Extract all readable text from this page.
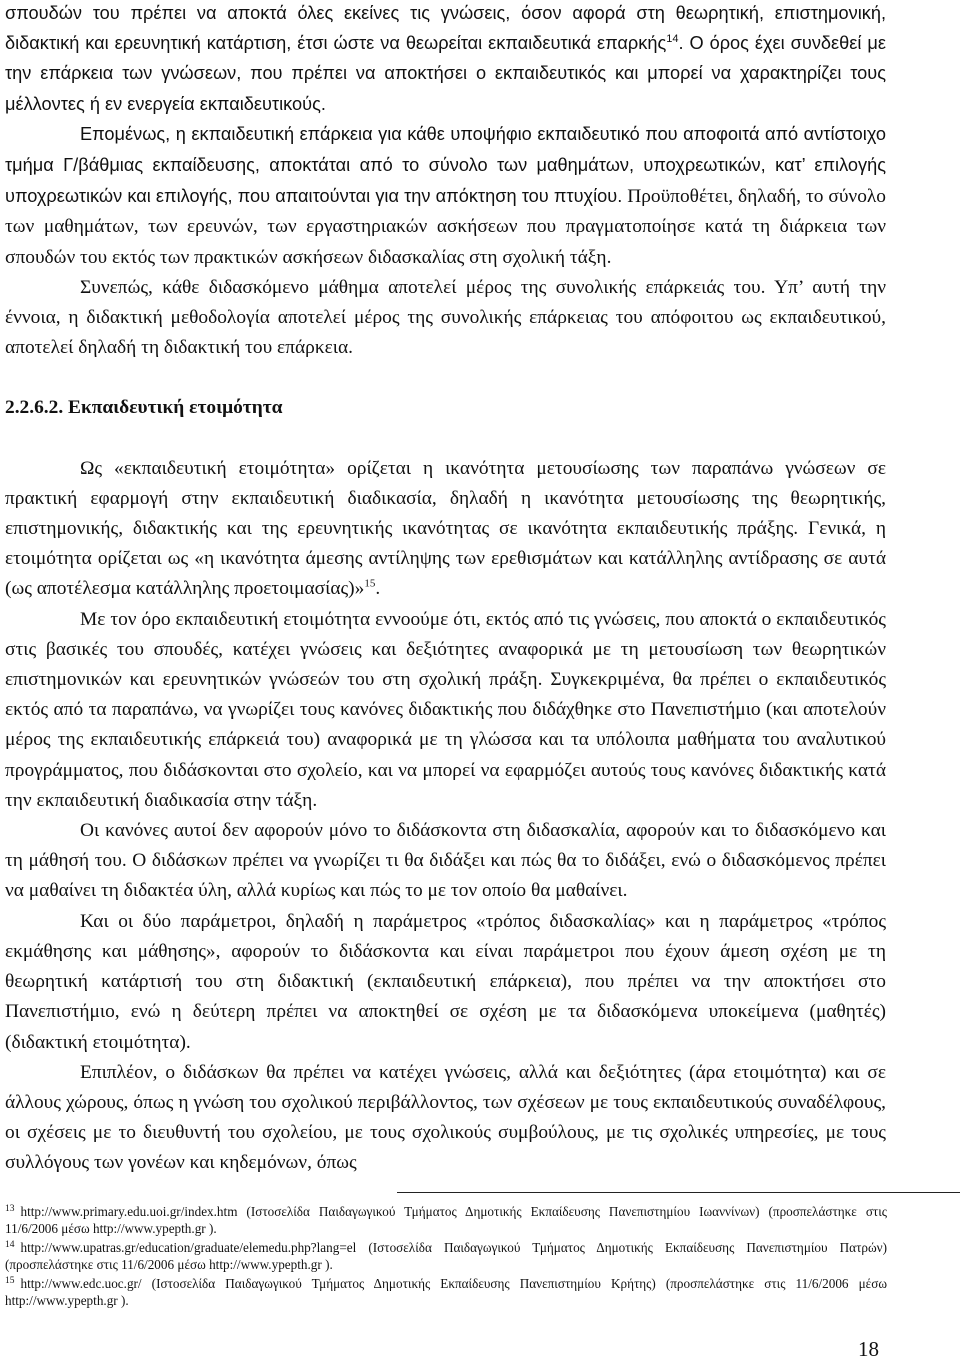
σπουδών του πρέπει να αποκτά όλες εκείνες τις γνώσεις, όσον αφορά στη θεωρητική, επιστημονική, διδακτική και ερευνητική κατάρτιση, έτσι ώστε να θεωρείται εκπαιδευτικά επαρκής$^{14}$. Ο όρος έχει συνδεθεί με την επάρκεια των γνώσεων, που πρέπει να αποκτήσει ο εκπαιδευτικός και μπορεί να χαρακτηρίζει τους μέλλοντες ή εν ενεργεία εκπαιδευτικούς.

Επομένως, η εκπαιδευτική επάρκεια για κάθε υποψήφιο εκπαιδευτικό που αποφοιτά από αντίστοιχο τμήμα Γ/βάθμιας εκπαίδευσης, αποκτάται από το σύνολο των μαθημάτων, υποχρεωτικών, κατ’ επιλογής υποχρεωτικών και επιλογής, που απαιτούνται για την απόκτηση του πτυχίου. Προϋποθέτει, δηλαδή, το σύνολο των μαθημάτων, των ερευνών, των εργαστηριακών ασκήσεων που πραγματοποίησε κατά τη διάρκεια των σπουδών του εκτός των πρακτικών ασκήσεων διδασκαλίας στη σχολική τάξη.

Συνεπώς, κάθε διδασκόμενο μάθημα αποτελεί μέρος της συνολικής επάρκειάς του. Υπ’ αυτή την έννοια, η διδακτική μεθοδολογία αποτελεί μέρος της συνολικής επάρκειας του απόφοιτου ως εκπαιδευτικού, αποτελεί δηλαδή τη διδακτική του επάρκεια.

2.2.6.2. Εκπαιδευτική ετοιμότητα

Ως «εκπαιδευτική ετοιμότητα» ορίζεται η ικανότητα μετουσίωσης των παραπάνω γνώσεων σε πρακτική εφαρμογή στην εκπαιδευτική διαδικασία, δηλαδή η ικανότητα μετουσίωσης της θεωρητικής, επιστημονικής, διδακτικής και της ερευνητικής ικανότητας σε ικανότητα εκπαιδευτικής πράξης. Γενικά, η ετοιμότητα ορίζεται ως «η ικανότητα άμεσης αντίληψης των ερεθισμάτων και κατάλληλης αντίδρασης σε αυτά (ως αποτέλεσμα κατάλληλης προετοιμασίας)»$^{15}$.

Με τον όρο εκπαιδευτική ετοιμότητα εννοούμε ότι, εκτός από τις γνώσεις, που αποκτά ο εκπαιδευτικός στις βασικές του σπουδές, κατέχει γνώσεις και δεξιότητες αναφορικά με τη μετουσίωση των θεωρητικών επιστημονικών και ερευνητικών γνώσεών του στη σχολική πράξη. Συγκεκριμένα, θα πρέπει ο εκπαιδευτικός εκτός από τα παραπάνω, να γνωρίζει τους κανόνες διδακτικής που διδάχθηκε στο Πανεπιστήμιο (και αποτελούν μέρος της εκπαιδευτικής επάρκειά του) αναφορικά με τη γλώσσα και τα υπόλοιπα μαθήματα του αναλυτικού προγράμματος, που διδάσκονται στο σχολείο, και να μπορεί να εφαρμόζει αυτούς τους κανόνες διδακτικής κατά την εκπαιδευτική διαδικασία στην τάξη.

Οι κανόνες αυτοί δεν αφορούν μόνο το διδάσκοντα στη διδασκαλία, αφορούν και το διδασκόμενο και τη μάθησή του. Ο διδάσκων πρέπει να γνωρίζει τι θα διδάξει και πώς θα το διδάξει, ενώ ο διδασκόμενος πρέπει να μαθαίνει τη διδακτέα ύλη, αλλά κυρίως και πώς το με τον οποίο θα μαθαίνει.

Και οι δύο παράμετροι, δηλαδή η παράμετρος «τρόπος διδασκαλίας» και η παράμετρος «τρόπος εκμάθησης και μάθησης», αφορούν το διδάσκοντα και είναι παράμετροι που έχουν άμεση σχέση με τη θεωρητική κατάρτισή του στη διδακτική (εκπαιδευτική επάρκεια), που πρέπει να την αποκτήσει στο Πανεπιστήμιο, ενώ η δεύτερη πρέπει να αποκτηθεί σε σχέση με τα διδασκόμενα υποκείμενα (μαθητές) (διδακτική ετοιμότητα).

Επιπλέον, ο διδάσκων θα πρέπει να κατέχει γνώσεις, αλλά και δεξιότητες (άρα ετοιμότητα) και σε άλλους χώρους, όπως η γνώση του σχολικού περιβάλλοντος, των σχέσεων με τους εκπαιδευτικούς συναδέλφους, οι σχέσεις με το διευθυντή του σχολείου, με τους σχολικούς συμβούλους, με τις σχολικές υπηρεσίες, με τους συλλόγους των γονέων και κηδεμόνων, όπως

$^{13}$ http://www.primary.edu.uoi.gr/index.htm (Ιστοσελίδα Παιδαγωγικού Τμήματος Δημοτικής Εκπαίδευσης Πανεπιστημίου Ιωαννίνων) (προσπελάστηκε στις 11/6/2006 μέσω http://www.ypepth.gr ).

$^{14}$ http://www.upatras.gr/education/graduate/elemedu.php?lang=el (Ιστοσελίδα Παιδαγωγικού Τμήματος Δημοτικής Εκπαίδευσης Πανεπιστημίου Πατρών) (προσπελάστηκε στις 11/6/2006 μέσω http://www.ypepth.gr ).

$^{15}$ http://www.edc.uoc.gr/ (Ιστοσελίδα Παιδαγωγικού Τμήματος Δημοτικής Εκπαίδευσης Πανεπιστημίου Κρήτης) (προσπελάστηκε στις 11/6/2006 μέσω http://www.ypepth.gr ).

18
